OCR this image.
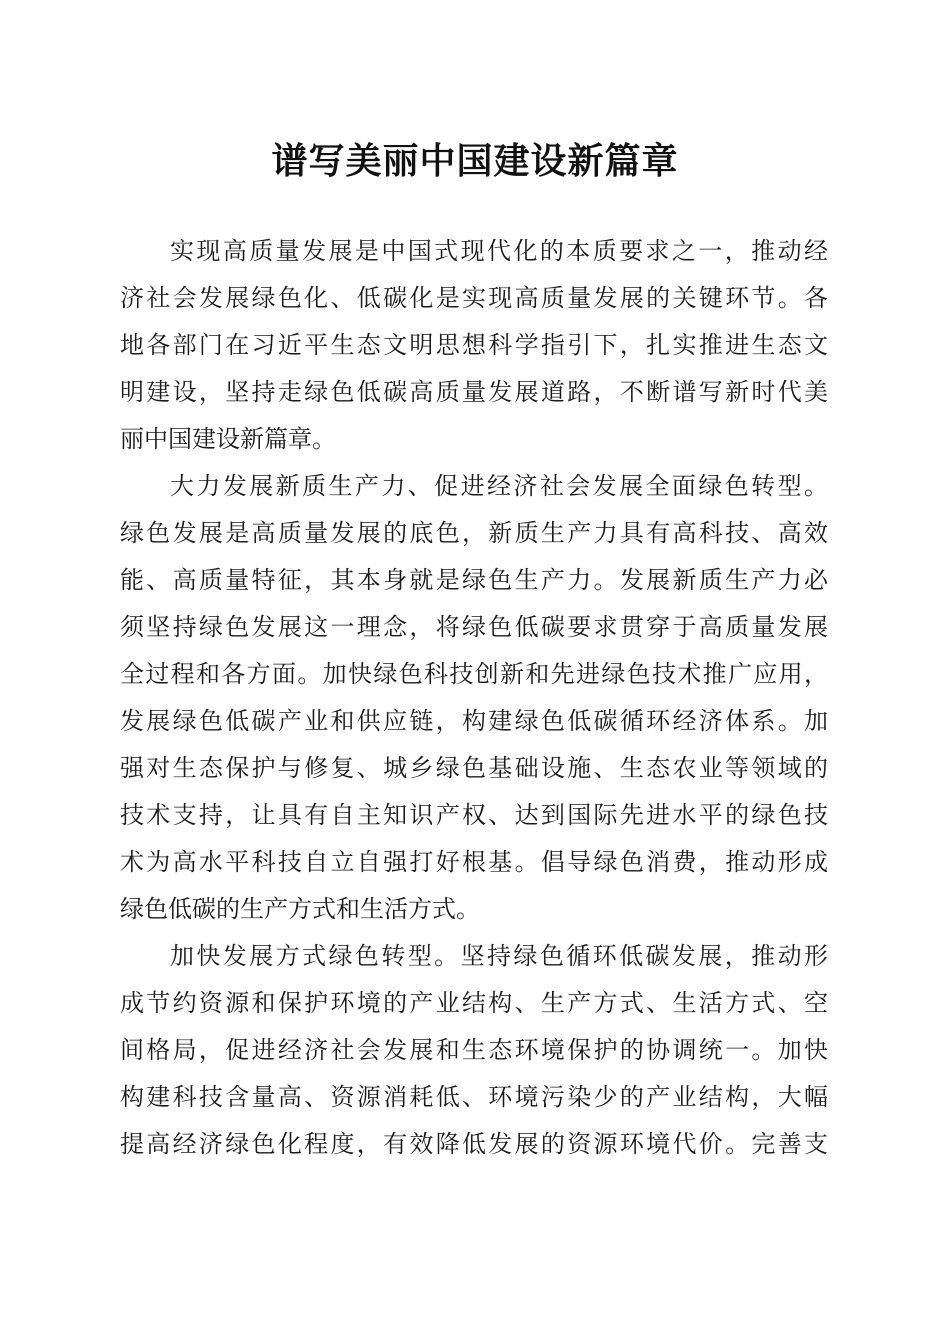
谱写美丽中国建设新篇章
实现高质量发展是中国式现代化的本质要求之一，推动经
济社会发展绿色化、低碳化是实现高质量发展的关键环节。各
地各部门在习近平生态文明思想科学指引下，扎实推进生态文
明建设，坚持走绿色低碳高质量发展道路，不断谱写新时代美
丽中国建设新篇章。
大力发展新质生产力、促进经济社会发展全面绿色转型。
绿色发展是高质量发展的底色，新质生产力具有高科技、高效
能、高质量特征，其本身就是绿色生产力。发展新质生产力必
须坚持绿色发展这一理念，将绿色低碳要求贯穿于高质量发展
全过程和各方面。加快绿色科技创新和先进绿色技术推广应用，
发展绿色低碳产业和供应链，构建绿色低碳循环经济体系。加
强对生态保护与修复、城乡绿色基础设施、生态农业等领域的
技术支持，让具有自主知识产权、达到国际先进水平的绿色技
术为高水平科技自立自强打好根基。倡导绿色消费，推动形成
绿色低碳的生产方式和生活方式。
加快发展方式绿色转型。坚持绿色循环低碳发展，推动形
成节约资源和保护环境的产业结构、生产方式、生活方式、空
间格局，促进经济社会发展和生态环境保护的协调统一。加快
构建科技含量高、资源消耗低、环境污染少的产业结构，大幅
提高经济绿色化程度，有效降低发展的资源环境代价。完善支
